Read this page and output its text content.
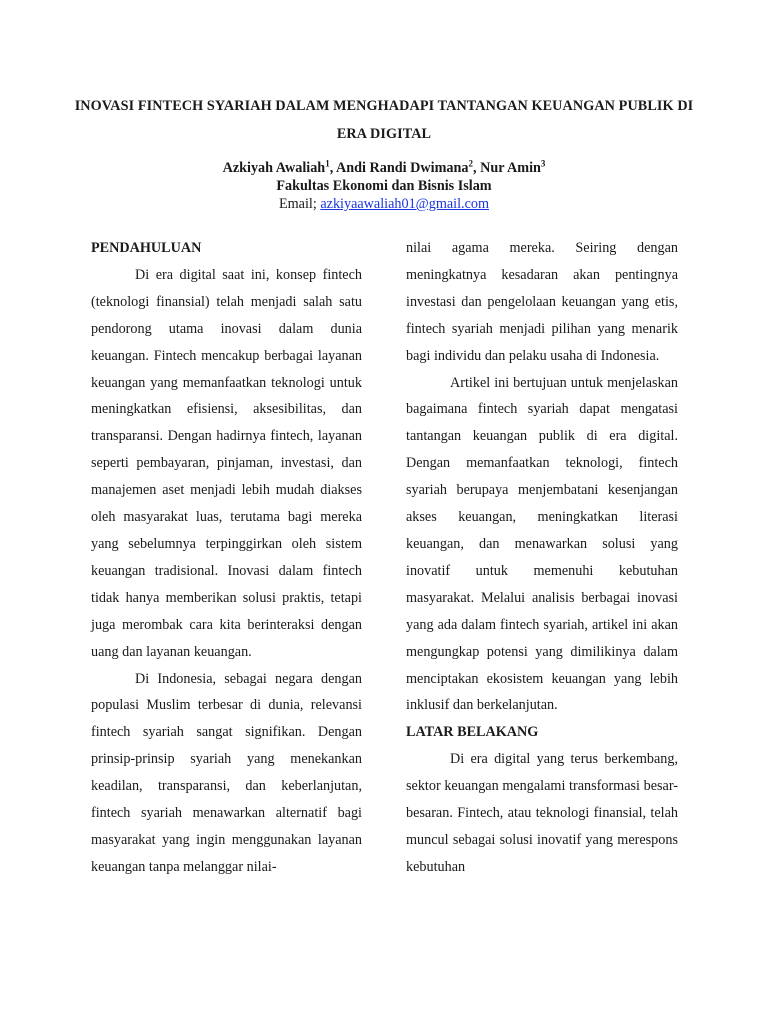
INOVASI FINTECH SYARIAH DALAM MENGHADAPI TANTANGAN KEUANGAN PUBLIK DI ERA DIGITAL
Azkiyah Awaliah$^1$, Andi Randi Dwimana$^2$, Nur Amin$^3$
Fakultas Ekonomi dan Bisnis Islam
Email; azkiyaawaliah01@gmail.com
PENDAHULUAN

Di era digital saat ini, konsep fintech (teknologi finansial) telah menjadi salah satu pendorong utama inovasi dalam dunia keuangan. Fintech mencakup berbagai layanan keuangan yang memanfaatkan teknologi untuk meningkatkan efisiensi, aksesibilitas, dan transparansi. Dengan hadirnya fintech, layanan seperti pembayaran, pinjaman, investasi, dan manajemen aset menjadi lebih mudah diakses oleh masyarakat luas, terutama bagi mereka yang sebelumnya terpinggirkan oleh sistem keuangan tradisional. Inovasi dalam fintech tidak hanya memberikan solusi praktis, tetapi juga merombak cara kita berinteraksi dengan uang dan layanan keuangan.

Di Indonesia, sebagai negara dengan populasi Muslim terbesar di dunia, relevansi fintech syariah sangat signifikan. Dengan prinsip-prinsip syariah yang menekankan keadilan, transparansi, dan keberlanjutan, fintech syariah menawarkan alternatif bagi masyarakat yang ingin menggunakan layanan keuangan tanpa melanggar nilai-

nilai agama mereka. Seiring dengan meningkatnya kesadaran akan pentingnya investasi dan pengelolaan keuangan yang etis, fintech syariah menjadi pilihan yang menarik bagi individu dan pelaku usaha di Indonesia.

Artikel ini bertujuan untuk menjelaskan bagaimana fintech syariah dapat mengatasi tantangan keuangan publik di era digital. Dengan memanfaatkan teknologi, fintech syariah berupaya menjembatani kesenjangan akses keuangan, meningkatkan literasi keuangan, dan menawarkan solusi yang inovatif untuk memenuhi kebutuhan masyarakat. Melalui analisis berbagai inovasi yang ada dalam fintech syariah, artikel ini akan mengungkap potensi yang dimilikinya dalam menciptakan ekosistem keuangan yang lebih inklusif dan berkelanjutan.

LATAR BELAKANG

Di era digital yang terus berkembang, sektor keuangan mengalami transformasi besar-besaran. Fintech, atau teknologi finansial, telah muncul sebagai solusi inovatif yang merespons kebutuhan
